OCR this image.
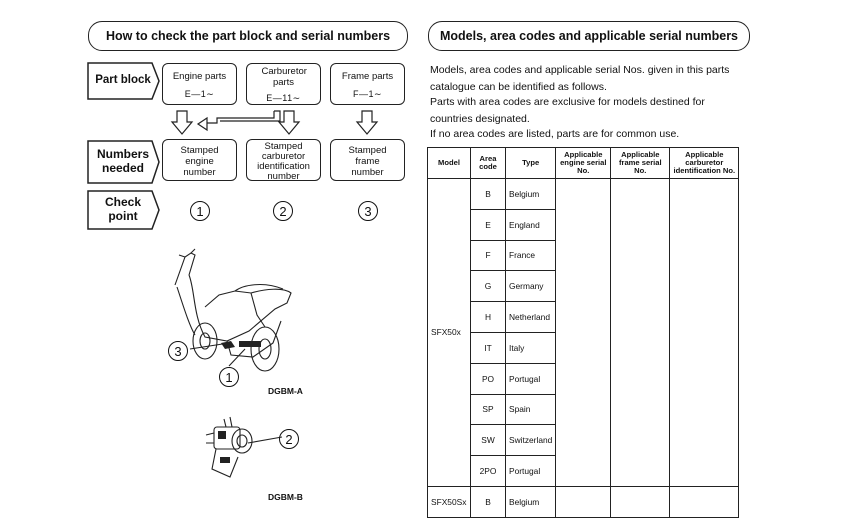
How to check the part block and serial numbers
Part block
Numbers needed
Check point
Engine parts
E—1∼
Carburetor parts
E—11∼
Frame parts
F—1∼
Stamped engine number
Stamped carburetor identification number
Stamped frame number
1	2	3
3
1
DGBM-A
2
DGBM-B
Models, area codes and applicable serial numbers
Models, area codes and applicable serial Nos. given in this parts catalogue can be identified as follows.
Parts with area codes are exclusive for models destined for countries designated.
If no area codes are listed, parts are for common use.
Model	Area code	Type	Applicable engine serial No.	Applicable frame serial No.	Applicable carburetor identification No.
SFX50x	B	Belgium			
	E	England			
	F	France			
	G	Germany			
	H	Netherland			
	IT	Italy			
	PO	Portugal			
	SP	Spain			
	SW	Switzerland			
	2PO	Portugal			
SFX50Sx	B	Belgium			
